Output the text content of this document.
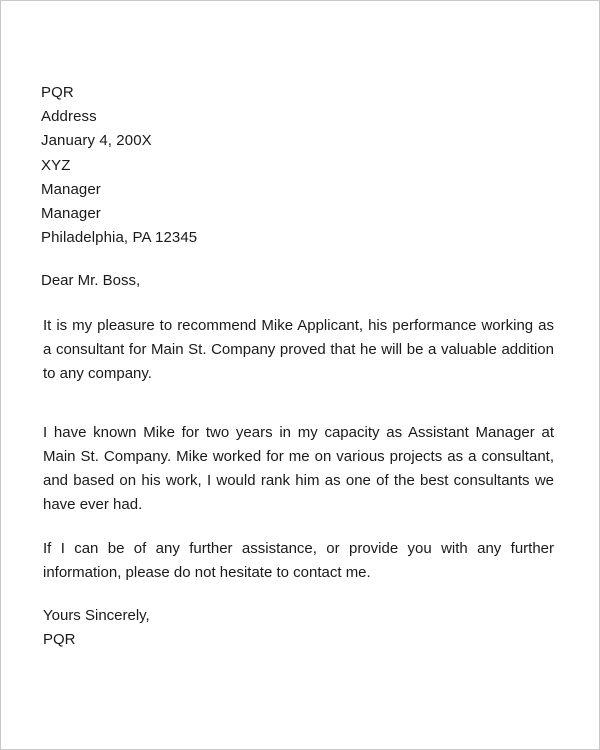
PQR
Address
January 4, 200X
XYZ
Manager
Manager
Philadelphia, PA 12345
Dear Mr. Boss,

It is my pleasure to recommend Mike Applicant, his performance working as a consultant for Main St. Company proved that he will be a valuable addition to any company.

I have known Mike for two years in my capacity as Assistant Manager at Main St. Company. Mike worked for me on various projects as a consultant, and based on his work, I would rank him as one of the best consultants we have ever had.

If I can be of any further assistance, or provide you with any further information, please do not hesitate to contact me.

Yours Sincerely,
PQR
